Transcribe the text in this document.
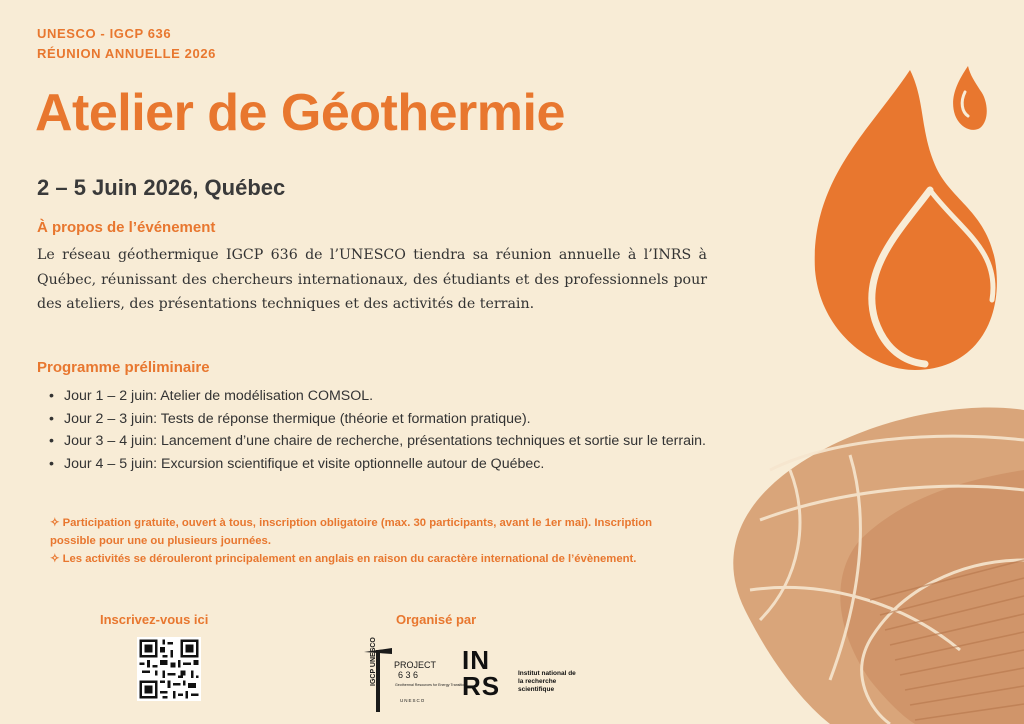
UNESCO - IGCP 636
RÉUNION ANNUELLE 2026
Atelier de Géothermie
2 – 5 Juin 2026, Québec
À propos de l’événement
Le réseau géothermique IGCP 636 de l’UNESCO tiendra sa réunion annuelle à l’INRS à Québec, réunissant des chercheurs internationaux, des étudiants et des professionnels pour des ateliers, des présentations techniques et des activités de terrain.
Programme préliminaire
• Jour 1 – 2 juin: Atelier de modélisation COMSOL.
• Jour 2 – 3 juin: Tests de réponse thermique (théorie et formation pratique).
• Jour 3 – 4 juin: Lancement d’une chaire de recherche, présentations techniques et sortie sur le terrain.
• Jour 4 – 5 juin: Excursion scientifique et visite optionnelle autour de Québec.

✧ Participation gratuite, ouvert à tous, inscription obligatoire (max. 30 participants, avant le 1er mai). Inscription possible pour une ou plusieurs journées.

✧ Les activités se dérouleront principalement en anglais en raison du caractère international de l’évènement.

Inscrivez-vous ici	Organisé par
IGCP UNESCO PROJECT
6 3 6
Geothermal Resources for Energy Transition
UNESCO
IN
RS	Institut national de la recherche scientifique
